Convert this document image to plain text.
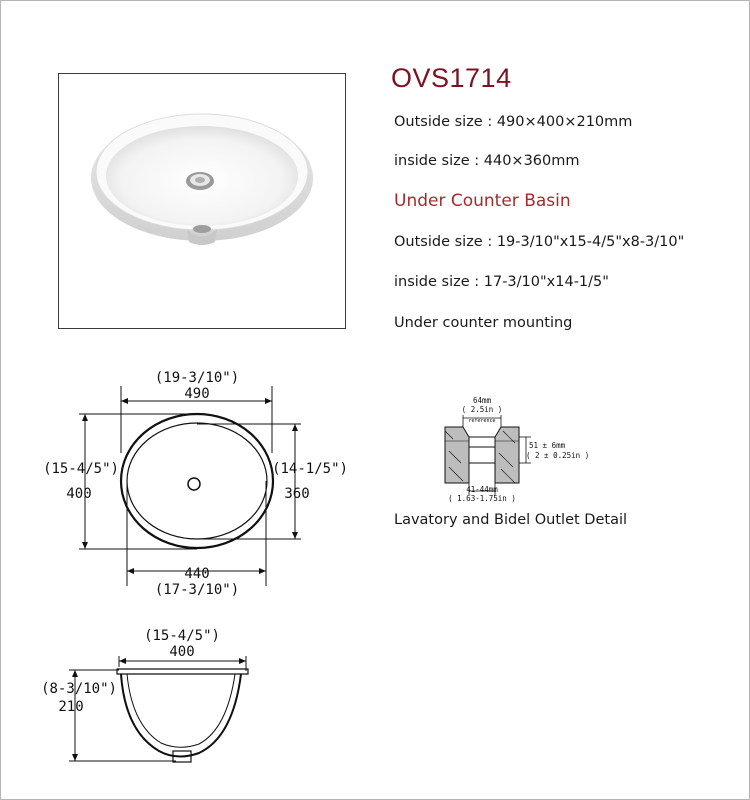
OVS1714
Outside size : 490×400×210mm
inside size : 440×360mm
Under Counter Basin
Outside size : 19-3/10"x15-4/5"x8-3/10"
inside size : 17-3/10"x14-1/5"
Under counter mounting
(19-3/10")
490
(15-4/5")
400
(14-1/5")
360
440
(17-3/10")
(15-4/5")
400
(8-3/10")
210
64mm
( 2.5in )
reference
51 ± 6mm
( 2 ± 0.25in )
41-44mm
( 1.63-1.75in )
Lavatory and Bidel Outlet Detail
